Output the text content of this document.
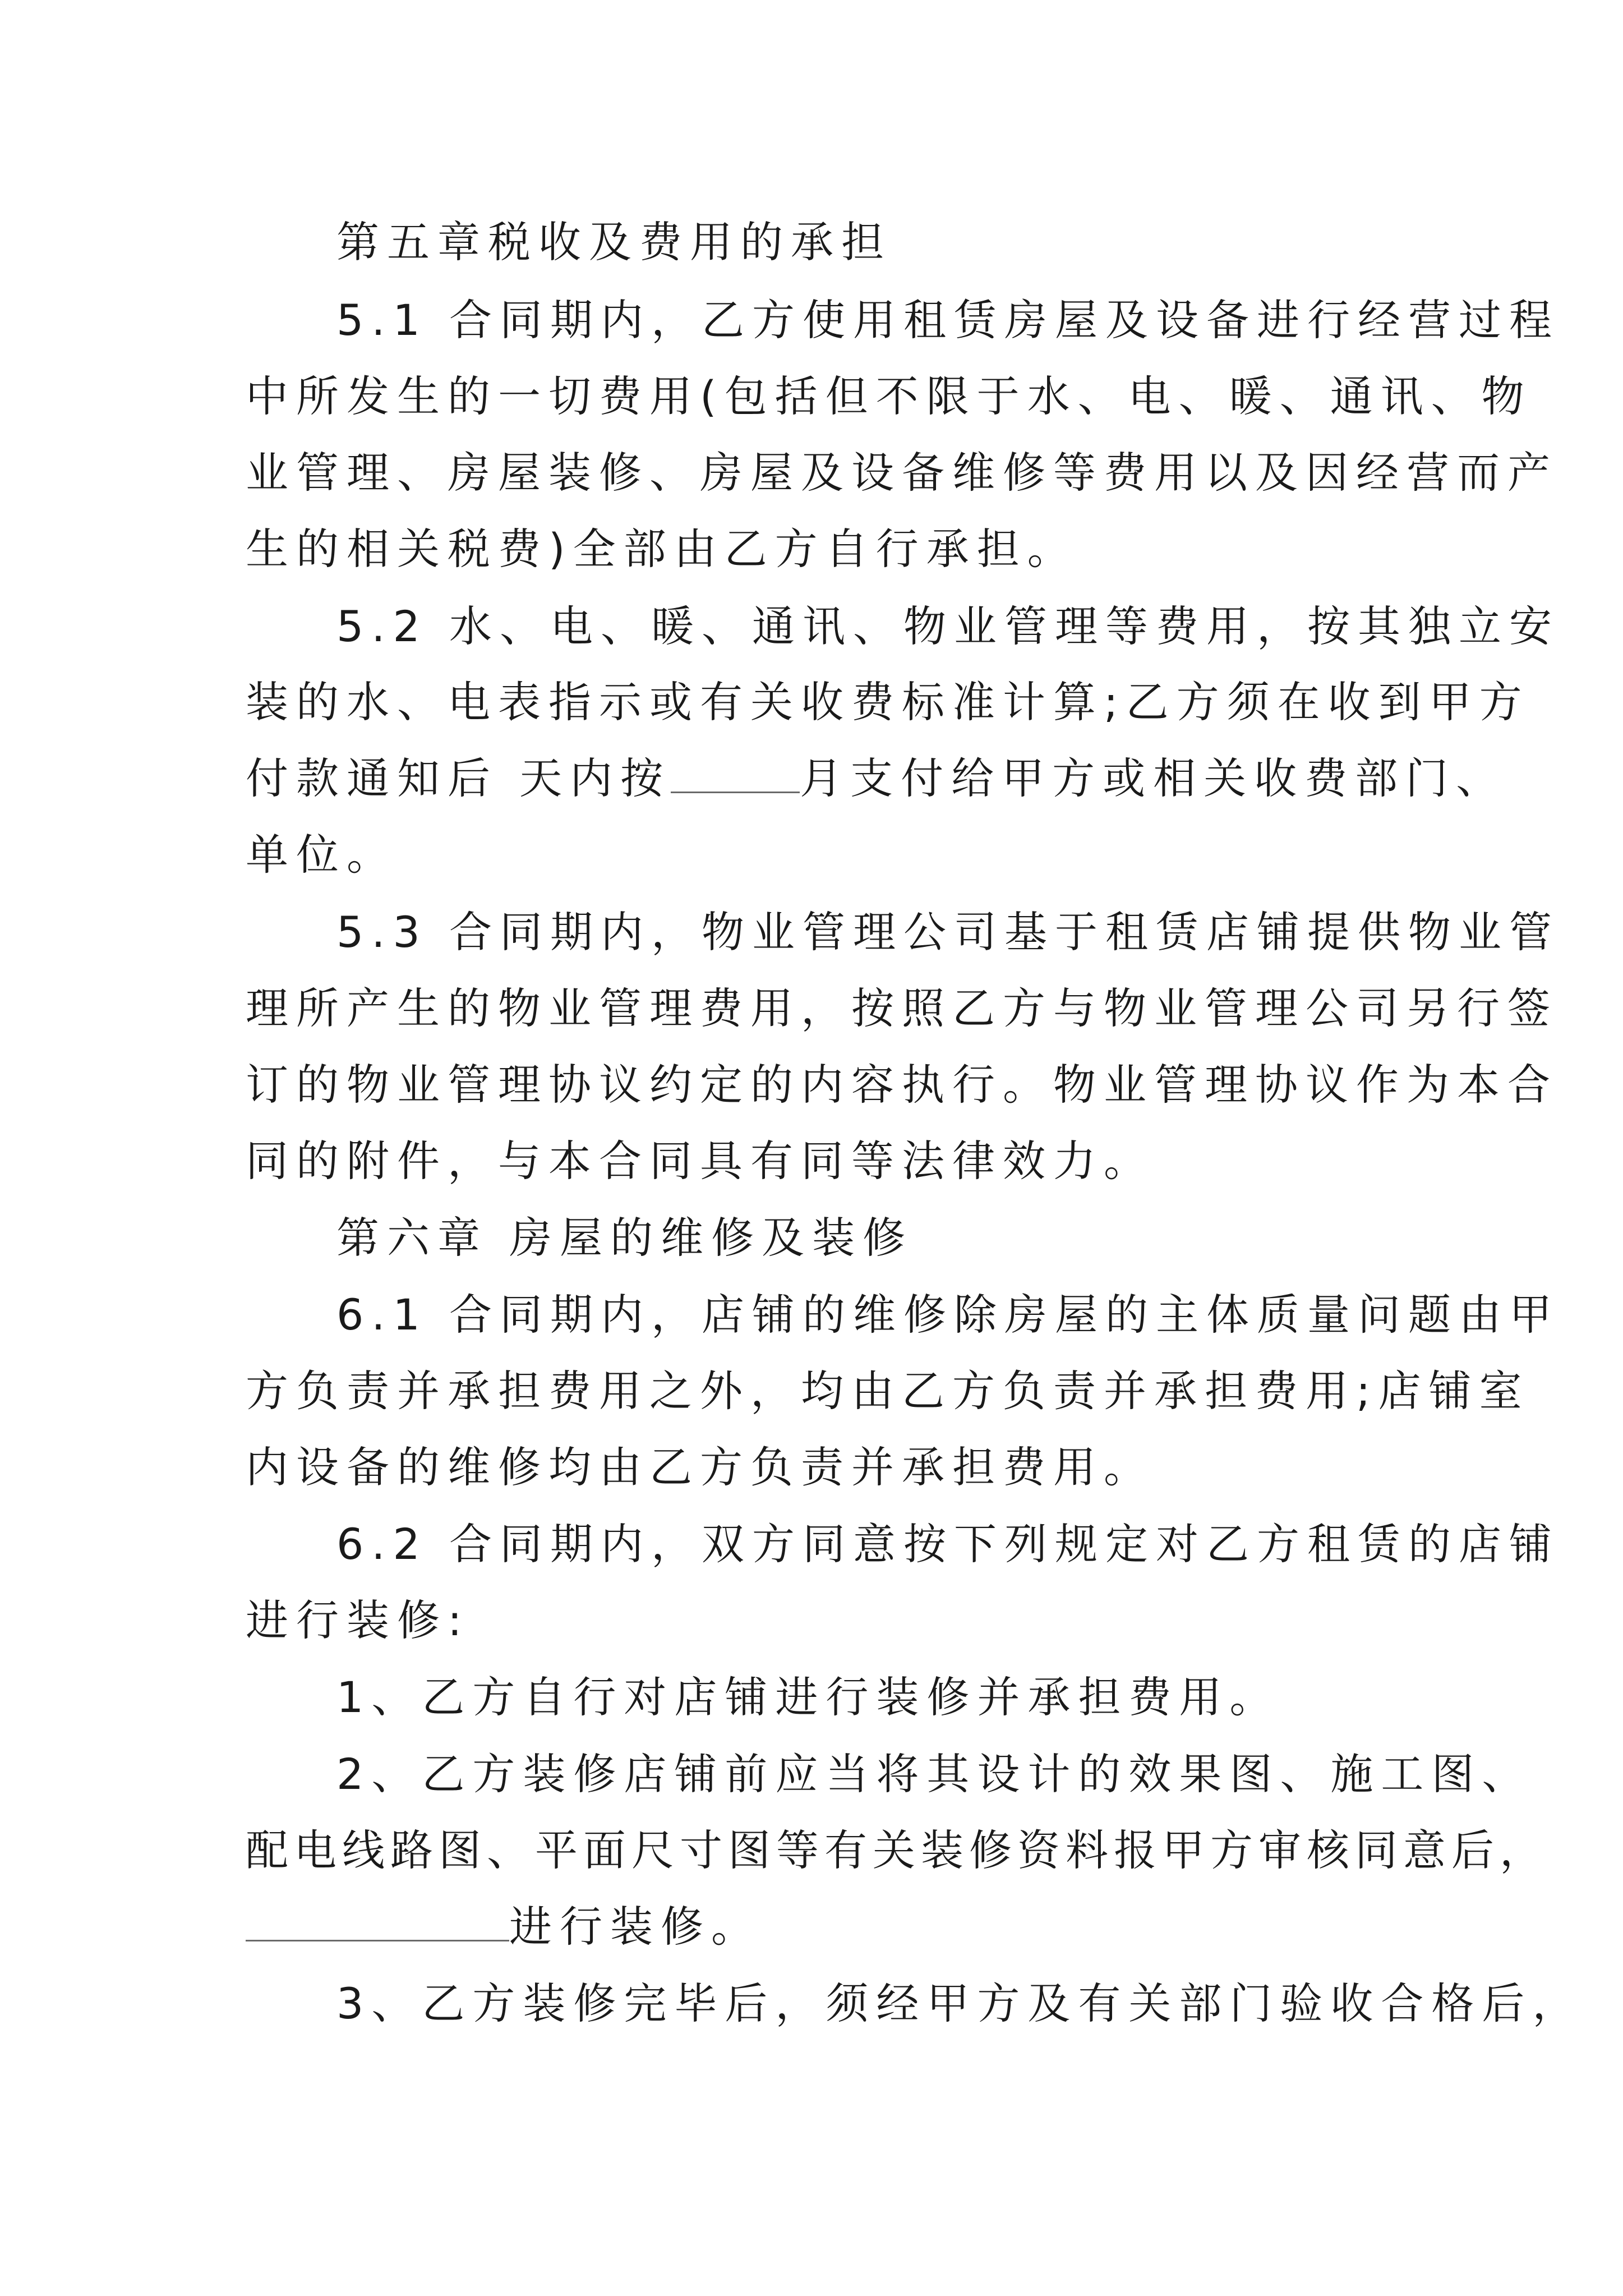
第五章税收及费用的承担
5.1 合同期内，乙方使用租赁房屋及设备进行经营过程
中所发生的一切费用(包括但不限于水、电、暖、通讯、物
业管理、房屋装修、房屋及设备维修等费用以及因经营而产
生的相关税费)全部由乙方自行承担。
5.2 水、电、暖、通讯、物业管理等费用，按其独立安
装的水、电表指示或有关收费标准计算;乙方须在收到甲方
付款通知后 天内按	月支付给甲方或相关收费部门、
单位。
5.3 合同期内，物业管理公司基于租赁店铺提供物业管
理所产生的物业管理费用，按照乙方与物业管理公司另行签
订的物业管理协议约定的内容执行。物业管理协议作为本合
同的附件，与本合同具有同等法律效力。
第六章 房屋的维修及装修
6.1 合同期内，店铺的维修除房屋的主体质量问题由甲
方负责并承担费用之外，均由乙方负责并承担费用;店铺室
内设备的维修均由乙方负责并承担费用。
6.2 合同期内，双方同意按下列规定对乙方租赁的店铺
进行装修:
1、乙方自行对店铺进行装修并承担费用。
2、乙方装修店铺前应当将其设计的效果图、施工图、
配电线路图、平面尺寸图等有关装修资料报甲方审核同意后，
进行装修。
3、乙方装修完毕后，须经甲方及有关部门验收合格后，
